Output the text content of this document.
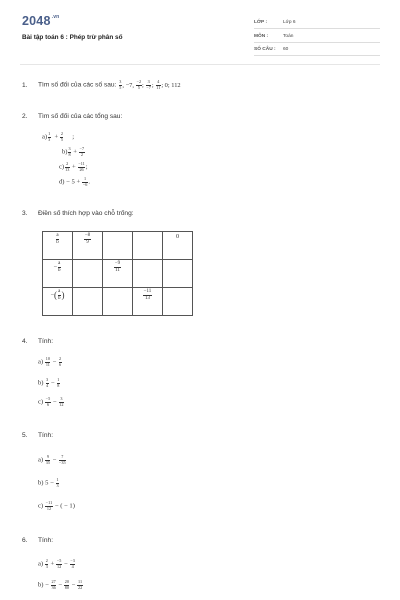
$2048^{.vn}$
Bài tập toán 6 : Phép trừ phân số
LỚP :	Lớp 6
MÔN :	Toán
SỐ CÂU : 60
1. Tìm số đối của các số sau: $\frac{3}{5}$ , −7, $\frac{-2}{5}$ ; $\frac{3}{-7}$ ; $\frac{4}{11}$ ; 0; 112
2. Tìm số đối của các tổng sau:
$a) \frac{1}{3} + \frac{2}{5}$ ;
$b) \frac{3}{8} + \frac{-7}{2}$
$c) \frac{2}{13} + \frac{-11}{26}$ ;
$d) - 5 + \frac{1}{-6}$ .
3. Điền số thích hợp vào chỗ trống:
$\frac{a}{b}$	$\frac{-8}{9}$			0
− $\frac{a}{b}$		$\frac{-9}{11}$

−( $\frac{a}{b}$ )			$\frac{-11}{13}$

4. Tính:
$a) \frac{10}{11} - \frac{2}{6}$
$b) \frac{3}{4} - \frac{1}{8}$
$c) \frac{-5}{6} - \frac{3}{12}$
5. Tính:
$a) \frac{9}{35} - \frac{7}{-35}$
b) $5 - \frac{1}{3}$
$c) \frac{-11}{12}$ − ( − 1)
6. Tính:
$a) \frac{2}{3} + \frac{-5}{12} - \frac{-3}{4}$
$b) - \frac{27}{36} - \frac{20}{80} - \frac{11}{22}$
